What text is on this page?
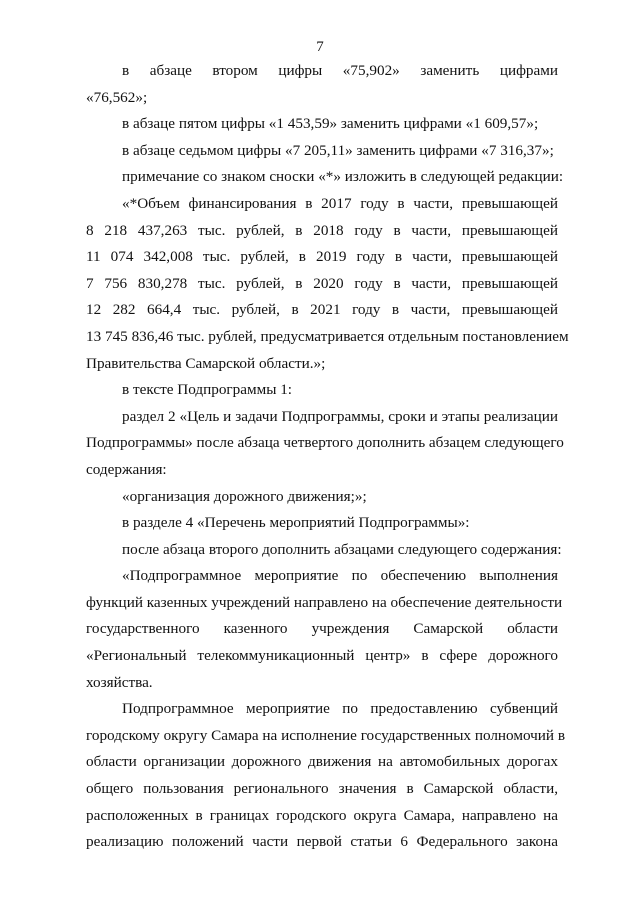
7
в абзаце втором цифры «75,902» заменить цифрами
«76,562»;
в абзаце пятом цифры «1 453,59» заменить цифрами «1 609,57»;
в абзаце седьмом цифры «7 205,11» заменить цифрами «7 316,37»;
примечание со знаком сноски «*» изложить в следующей редакции:
«*Объем финансирования в 2017 году в части, превышающей
8 218 437,263 тыс. рублей, в 2018 году в части, превышающей
11 074 342,008 тыс. рублей, в 2019 году в части, превышающей
7 756 830,278 тыс. рублей, в 2020 году в части, превышающей
12 282 664,4 тыс. рублей, в 2021 году в части, превышающей
13 745 836,46 тыс. рублей, предусматривается отдельным постановлением
Правительства Самарской области.»;
в тексте Подпрограммы 1:
раздел 2 «Цель и задачи Подпрограммы, сроки и этапы реализации
Подпрограммы» после абзаца четвертого дополнить абзацем следующего
содержания:
«организация дорожного движения;»;
в разделе 4 «Перечень мероприятий Подпрограммы»:
после абзаца второго дополнить абзацами следующего содержания:
«Подпрограммное мероприятие по обеспечению выполнения
функций казенных учреждений направлено на обеспечение деятельности
государственного казенного учреждения Самарской области
«Региональный телекоммуникационный центр» в сфере дорожного
хозяйства.
Подпрограммное мероприятие по предоставлению субвенций
городскому округу Самара на исполнение государственных полномочий в
области организации дорожного движения на автомобильных дорогах
общего пользования регионального значения в Самарской области,
расположенных в границах городского округа Самара, направлено на
реализацию положений части первой статьи 6 Федерального закона
